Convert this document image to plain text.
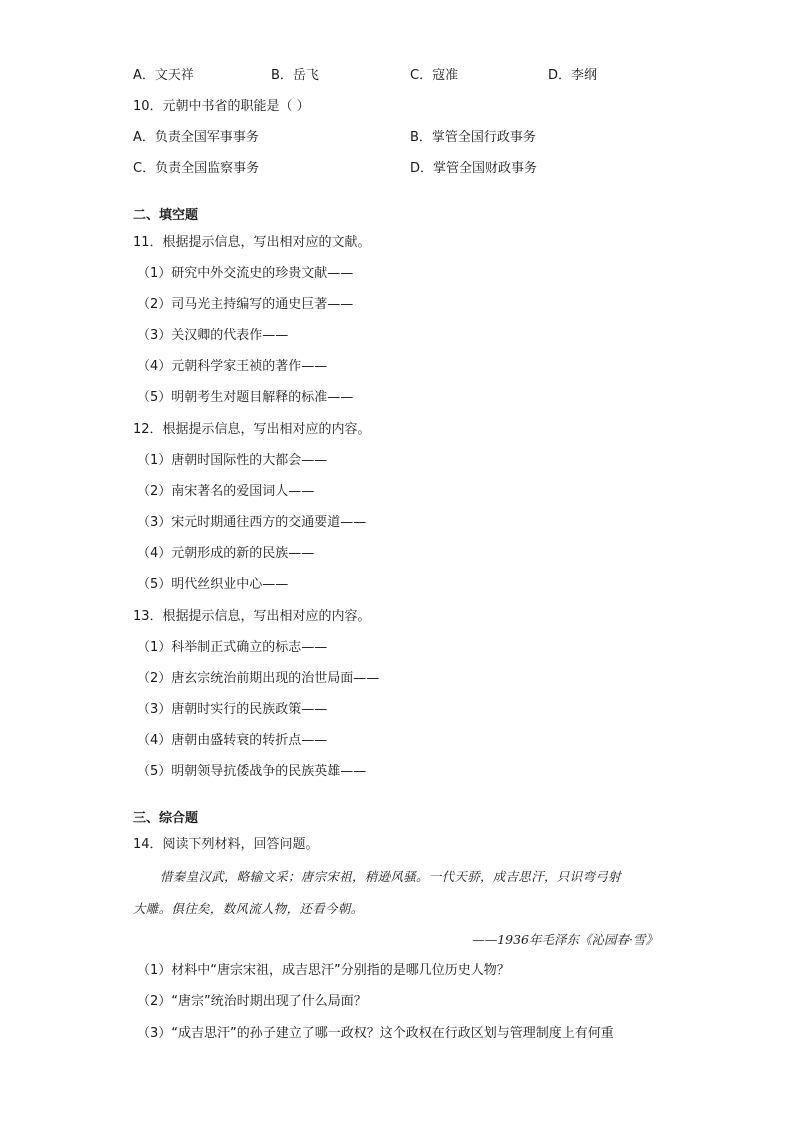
A．文天祥	B．岳飞	C．寇准	D．李纲
10．元朝中书省的职能是（ ）
A．负责全国军事事务	B．掌管全国行政事务
C．负责全国监察事务	D．掌管全国财政事务
二、填空题
11．根据提示信息，写出相对应的文献。
（1）研究中外交流史的珍贵文献——
（2）司马光主持编写的通史巨著——
（3）关汉卿的代表作——
（4）元朝科学家王祯的著作——
（5）明朝考生对题目解释的标准——
12．根据提示信息，写出相对应的内容。
（1）唐朝时国际性的大都会——
（2）南宋著名的爱国词人——
（3）宋元时期通往西方的交通要道——
（4）元朝形成的新的民族——
（5）明代丝织业中心——
13．根据提示信息，写出相对应的内容。
（1）科举制正式确立的标志——
（2）唐玄宗统治前期出现的治世局面——
（3）唐朝时实行的民族政策——
（4）唐朝由盛转衰的转折点——
（5）明朝领导抗倭战争的民族英雄——
三、综合题
14．阅读下列材料，回答问题。
惜秦皇汉武，略输文采；唐宗宋祖，稍逊风骚。一代天骄，成吉思汗，只识弯弓射
大雕。俱往矣，数风流人物，还看今朝。
——1936年毛泽东《沁园春·雪》
（1）材料中“唐宗宋祖，成吉思汗”分别指的是哪几位历史人物？
（2）“唐宗”统治时期出现了什么局面？
（3）“成吉思汗”的孙子建立了哪一政权？这个政权在行政区划与管理制度上有何重
